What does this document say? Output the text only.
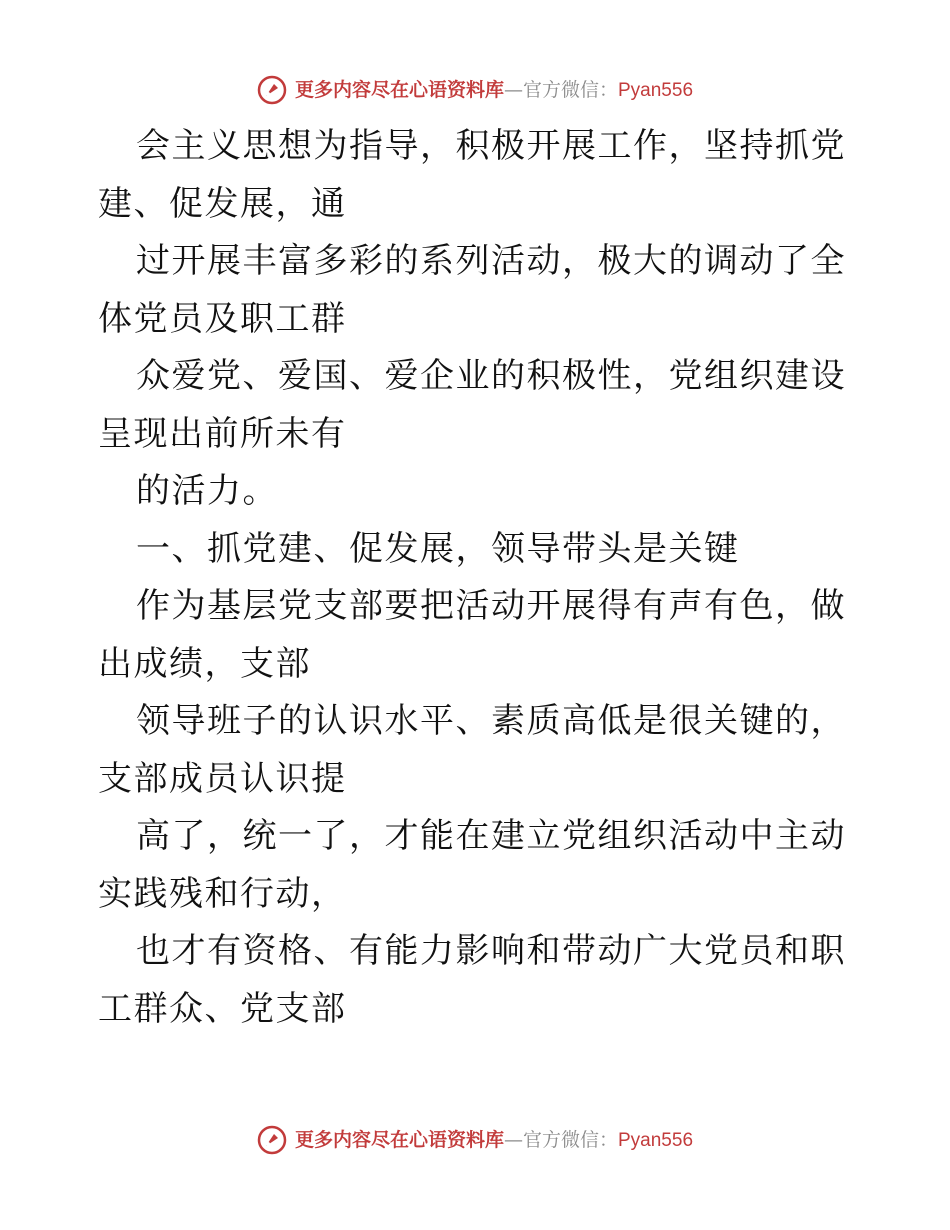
更多内容尽在心语资料库—官方微信：Pyan556

会主义思想为指导，积极开展工作，坚持抓党建、促发展，通

过开展丰富多彩的系列活动，极大的调动了全体党员及职工群

众爱党、爱国、爱企业的积极性，党组织建设呈现出前所未有

的活力。

一、抓党建、促发展，领导带头是关键

作为基层党支部要把活动开展得有声有色，做出成绩，支部

领导班子的认识水平、素质高低是很关键的，支部成员认识提

高了，统一了，才能在建立党组织活动中主动实践残和行动，

也才有资格、有能力影响和带动广大党员和职工群众、党支部

更多内容尽在心语资料库—官方微信：Pyan556
